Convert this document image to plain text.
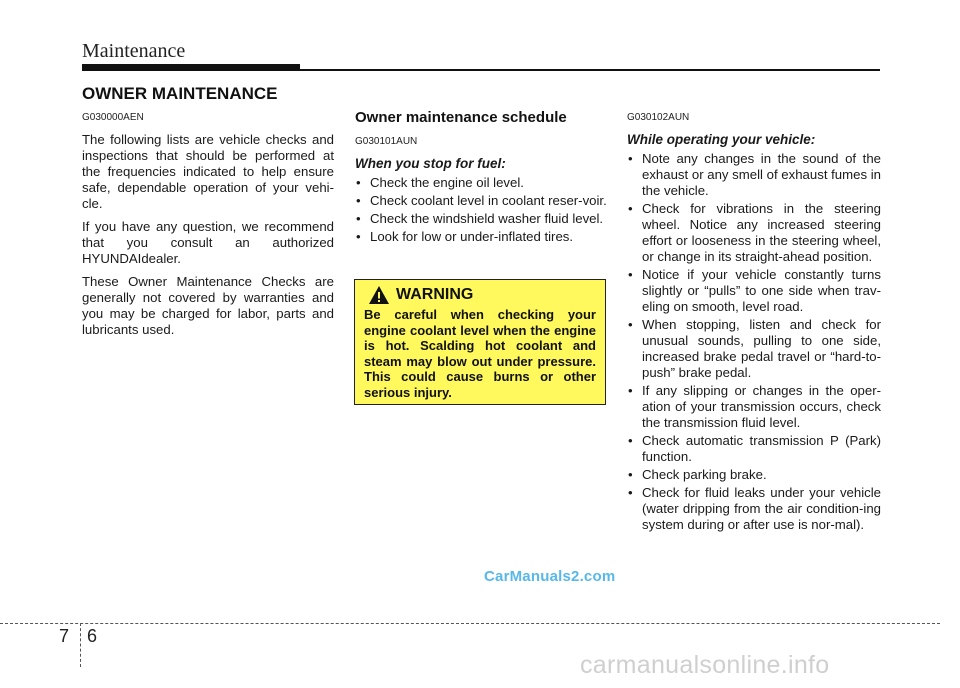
Maintenance
OWNER MAINTENANCE

G030000AEN

The following lists are vehicle checks and inspections that should be performed at the frequencies indicated to help ensure safe, dependable operation of your vehi-cle.

If you have any question, we recommend that you consult an authorized HYUNDAIdealer.

These Owner Maintenance Checks are generally not covered by warranties and you may be charged for labor, parts and lubricants used.

Owner maintenance schedule

G030101AUN

When you stop for fuel:
• Check the engine oil level.
• Check coolant level in coolant reser-voir.
• Check the windshield washer fluid level.
• Look for low or under-inflated tires.
WARNING
Be careful when checking your engine coolant level when the engine is hot. Scalding hot coolant and steam may blow out under pressure. This could cause burns or other serious injury.

G030102AUN

While operating your vehicle:
• Note any changes in the sound of the exhaust or any smell of exhaust fumes in the vehicle.
• Check for vibrations in the steering wheel. Notice any increased steering effort or looseness in the steering wheel, or change in its straight-ahead position.
• Notice if your vehicle constantly turns slightly or “pulls” to one side when trav-eling on smooth, level road.
• When stopping, listen and check for unusual sounds, pulling to one side, increased brake pedal travel or “hard-to-push” brake pedal.
• If any slipping or changes in the oper-ation of your transmission occurs, check the transmission fluid level.
• Check automatic transmission P (Park) function.
• Check parking brake.
• Check for fluid leaks under your vehicle (water dripping from the air condition-ing system during or after use is nor-mal).
CarManuals2.com
7 6
carmanualsonline.info
